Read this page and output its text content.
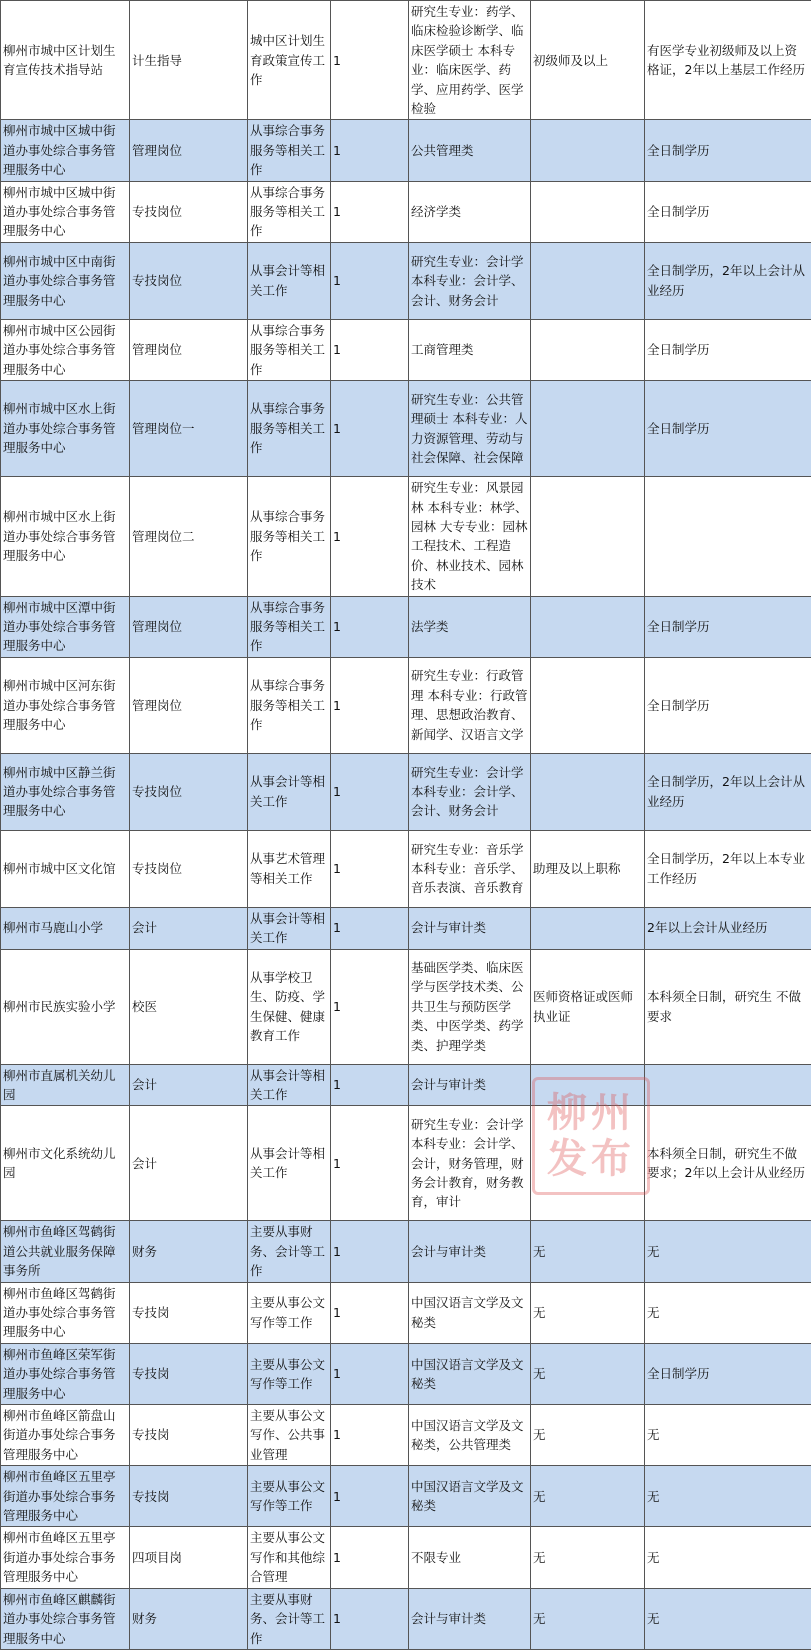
柳州市城中区计划生育宣传技术指导站	计生指导	城中区计划生育政策宣传工作	1	研究生专业：药学、临床检验诊断学、临床医学硕士 本科专业：临床医学、药学、应用药学、医学检验	初级师及以上	有医学专业初级师及以上资格证，2年以上基层工作经历
柳州市城中区城中街道办事处综合事务管理服务中心	管理岗位	从事综合事务服务等相关工作	1	公共管理类		全日制学历
柳州市城中区城中街道办事处综合事务管理服务中心	专技岗位	从事综合事务服务等相关工作	1	经济学类		全日制学历
柳州市城中区中南街道办事处综合事务管理服务中心	专技岗位	从事会计等相关工作	1	研究生专业：会计学 本科专业：会计学、会计、财务会计		全日制学历，2年以上会计从业经历
柳州市城中区公园街道办事处综合事务管理服务中心	管理岗位	从事综合事务服务等相关工作	1	工商管理类		全日制学历
柳州市城中区水上街道办事处综合事务管理服务中心	管理岗位一	从事综合事务服务等相关工作	1	研究生专业：公共管理硕士 本科专业：人力资源管理、劳动与社会保障、社会保障		全日制学历
柳州市城中区水上街道办事处综合事务管理服务中心	管理岗位二	从事综合事务服务等相关工作	1	研究生专业：风景园林 本科专业：林学、园林 大专专业：园林工程技术、工程造价、林业技术、园林技术		
柳州市城中区潭中街道办事处综合事务管理服务中心	管理岗位	从事综合事务服务等相关工作	1	法学类		全日制学历
柳州市城中区河东街道办事处综合事务管理服务中心	管理岗位	从事综合事务服务等相关工作	1	研究生专业：行政管理 本科专业：行政管理、思想政治教育、新闻学、汉语言文学		全日制学历
柳州市城中区静兰街道办事处综合事务管理服务中心	专技岗位	从事会计等相关工作	1	研究生专业：会计学 本科专业：会计学、会计、财务会计		全日制学历，2年以上会计从业经历
柳州市城中区文化馆	专技岗位	从事艺术管理等相关工作	1	研究生专业：音乐学 本科专业：音乐学、音乐表演、音乐教育	助理及以上职称	全日制学历，2年以上本专业工作经历
柳州市马鹿山小学	会计	从事会计等相关工作	1	会计与审计类		2年以上会计从业经历
柳州市民族实验小学	校医	从事学校卫生、防疫、学生保健、健康教育工作	1	基础医学类、临床医学与医学技术类、公共卫生与预防医学类、中医学类、药学类、护理学类	医师资格证或医师执业证	本科须全日制，研究生 不做要求
柳州市直属机关幼儿园	会计	从事会计等相关工作	1	会计与审计类		
柳州市文化系统幼儿园	会计	从事会计等相关工作	1	研究生专业：会计学 本科专业：会计学、会计，财务管理，财务会计教育，财务教育，审计		本科须全日制，研究生不做要求；2年以上会计从业经历
柳州市鱼峰区驾鹤街道公共就业服务保障事务所	财务	主要从事财务、会计等工作	1	会计与审计类	无	无
柳州市鱼峰区驾鹤街道办事处综合事务管理服务中心	专技岗	主要从事公文写作等工作	1	中国汉语言文学及文秘类	无	无
柳州市鱼峰区荣军街道办事处综合事务管理服务中心	专技岗	主要从事公文写作等工作	1	中国汉语言文学及文秘类	无	全日制学历
柳州市鱼峰区箭盘山街道办事处综合事务管理服务中心	专技岗	主要从事公文写作、公共事业管理	1	中国汉语言文学及文秘类，公共管理类	无	无
柳州市鱼峰区五里亭街道办事处综合事务管理服务中心	专技岗	主要从事公文写作等工作	1	中国汉语言文学及文秘类	无	无
柳州市鱼峰区五里亭街道办事处综合事务管理服务中心	四项目岗	主要从事公文写作和其他综合管理	1	不限专业	无	无
柳州市鱼峰区麒麟街道办事处综合事务管理服务中心	财务	主要从事财务、会计等工作	1	会计与审计类	无	无
柳州
发布
